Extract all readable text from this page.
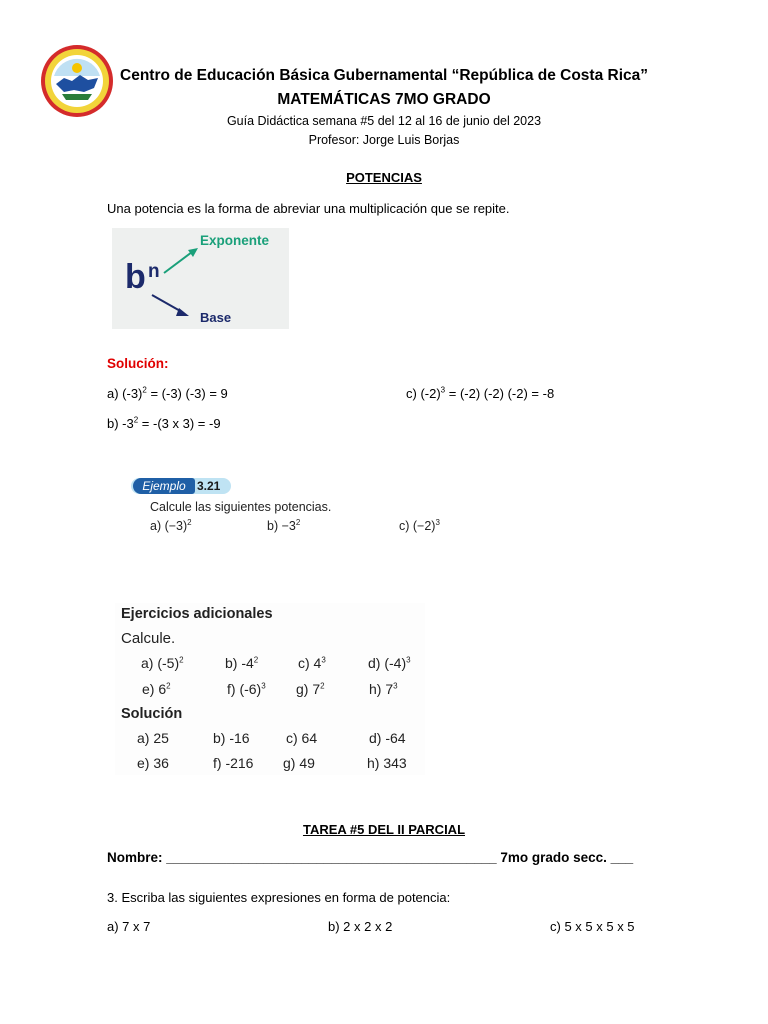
Centro de Educación Básica Gubernamental “República de Costa Rica”
MATEMÁTICAS 7MO GRADO
Guía Didáctica semana #5 del 12 al 16 de junio del 2023
Profesor: Jorge Luis Borjas
POTENCIAS
Una potencia es la forma de abreviar una multiplicación que se repite.
b n
Exponente
Base
Solución:
a) $(-3)^2 = (-3) (-3) = 9$	c) $(-2)^3 = (-2)$ (-2) (-2) = -8
b) $-3^2 = -(3$ x 3) = -9
Ejemplo 3.21
Calcule las siguientes potencias.
a) $(-3)^2$	$b) -3^2$	c) $(-2)^3$
Ejercicios adicionales
Calcule.
a) $(-5)^2$	b) $-4^2$	c) $4^3$	d) $(-4)^3$
e) $6^2$	f) $(-6)^3$ g) $7^2$	h) $7^3$
Solución
a) 25	b) -16	c) 64	d) -64
e) 36	f) -216 g) 49	h) 343
TAREA #5 DEL II PARCIAL
Nombre: ____________________________________________ 7mo grado secc. ___
3. Escriba las siguientes expresiones en forma de potencia:
a) 7 x 7	b) 2 x 2 x 2	c) 5 x 5 x 5 x 5
